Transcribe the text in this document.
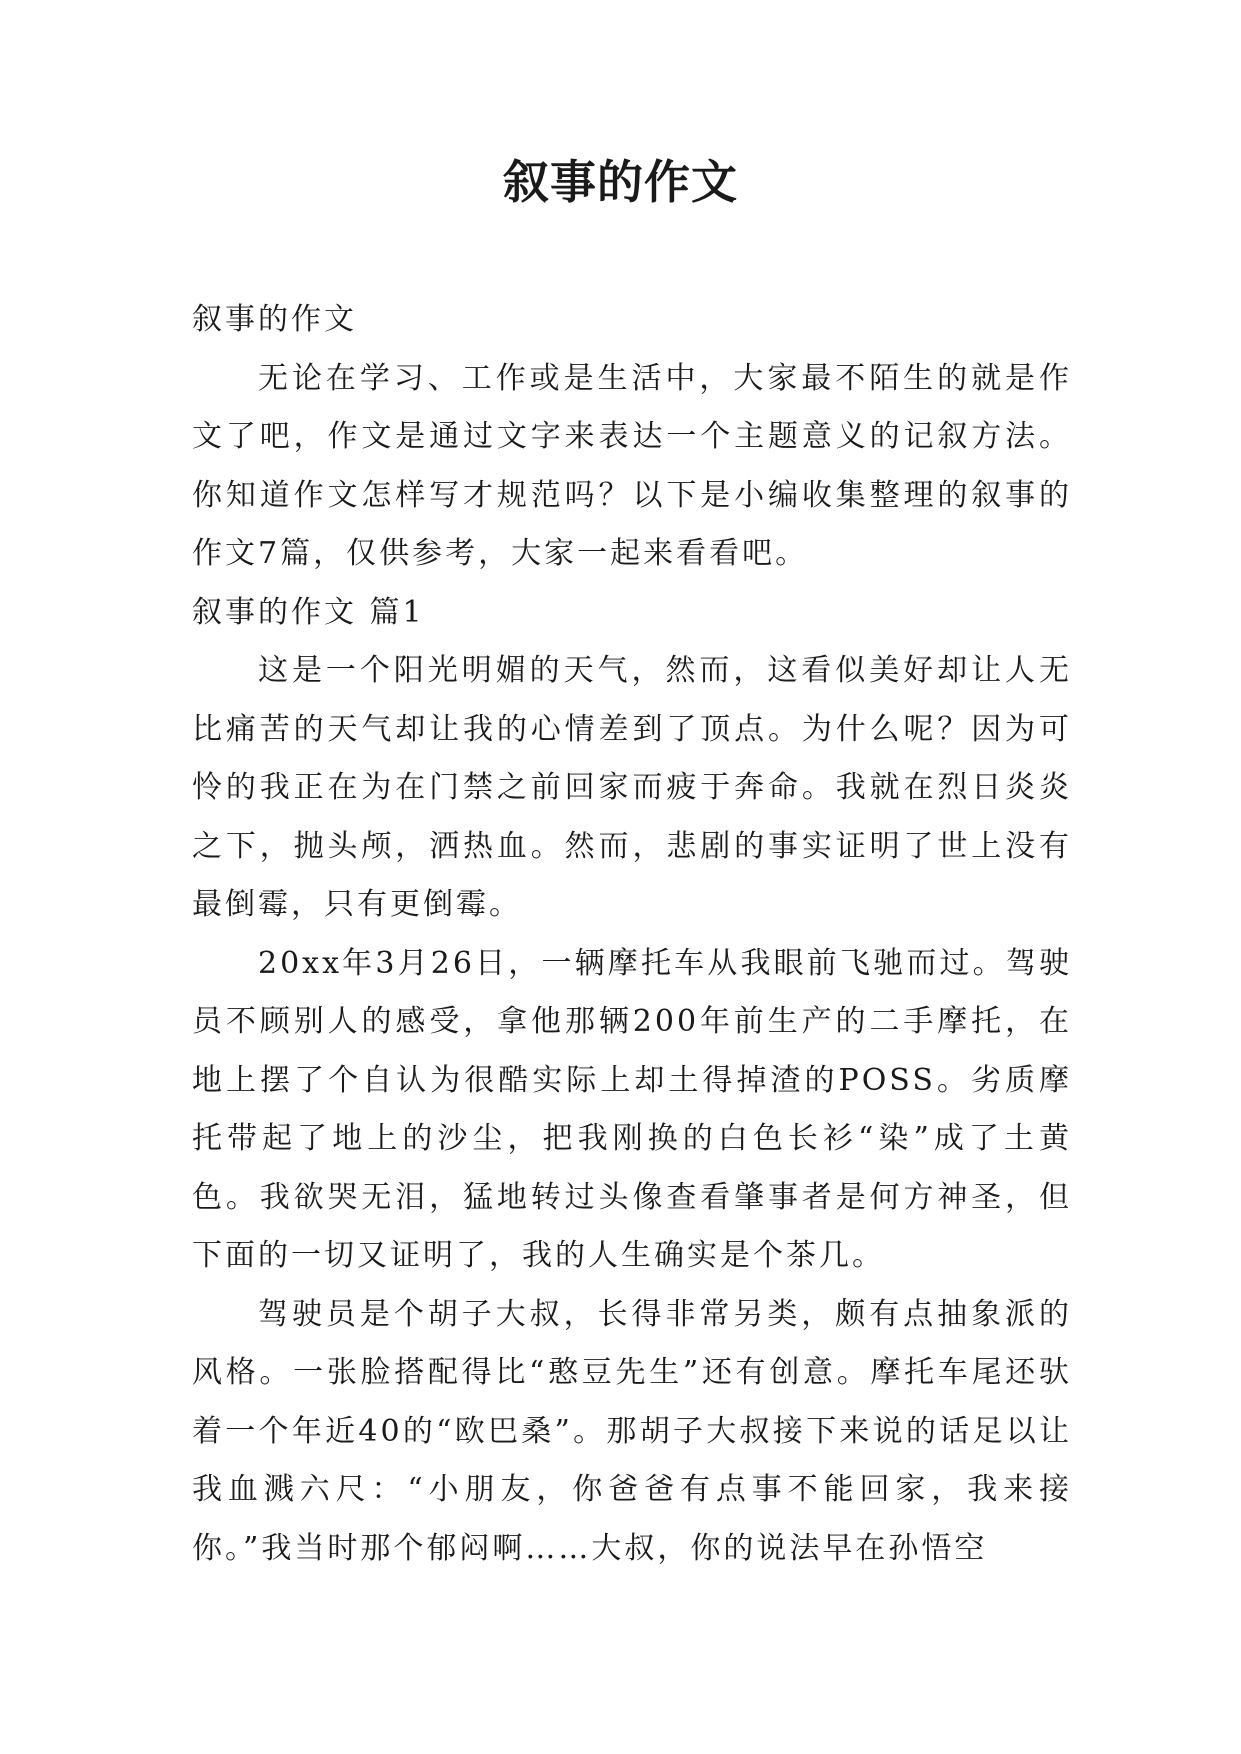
叙事的作文

叙事的作文

无论在学习、工作或是生活中，大家最不陌生的就是作文了吧，作文是通过文字来表达一个主题意义的记叙方法。你知道作文怎样写才规范吗？以下是小编收集整理的叙事的作文7篇，仅供参考，大家一起来看看吧。

叙事的作文 篇1

这是一个阳光明媚的天气，然而，这看似美好却让人无比痛苦的天气却让我的心情差到了顶点。为什么呢？因为可怜的我正在为在门禁之前回家而疲于奔命。我就在烈日炎炎之下，抛头颅，洒热血。然而，悲剧的事实证明了世上没有最倒霉，只有更倒霉。

20xx年3月26日，一辆摩托车从我眼前飞驰而过。驾驶员不顾别人的感受，拿他那辆200年前生产的二手摩托，在地上摆了个自认为很酷实际上却土得掉渣的POSS。劣质摩托带起了地上的沙尘，把我刚换的白色长衫“染”成了土黄色。我欲哭无泪，猛地转过头像查看肇事者是何方神圣，但下面的一切又证明了，我的人生确实是个茶几。

驾驶员是个胡子大叔，长得非常另类，颇有点抽象派的风格。一张脸搭配得比“憨豆先生”还有创意。摩托车尾还驮着一个年近40的“欧巴桑”。那胡子大叔接下来说的话足以让我血溅六尺：“小朋友，你爸爸有点事不能回家，我来接你。”我当时那个郁闷啊……大叔，你的说法早在孙悟空
